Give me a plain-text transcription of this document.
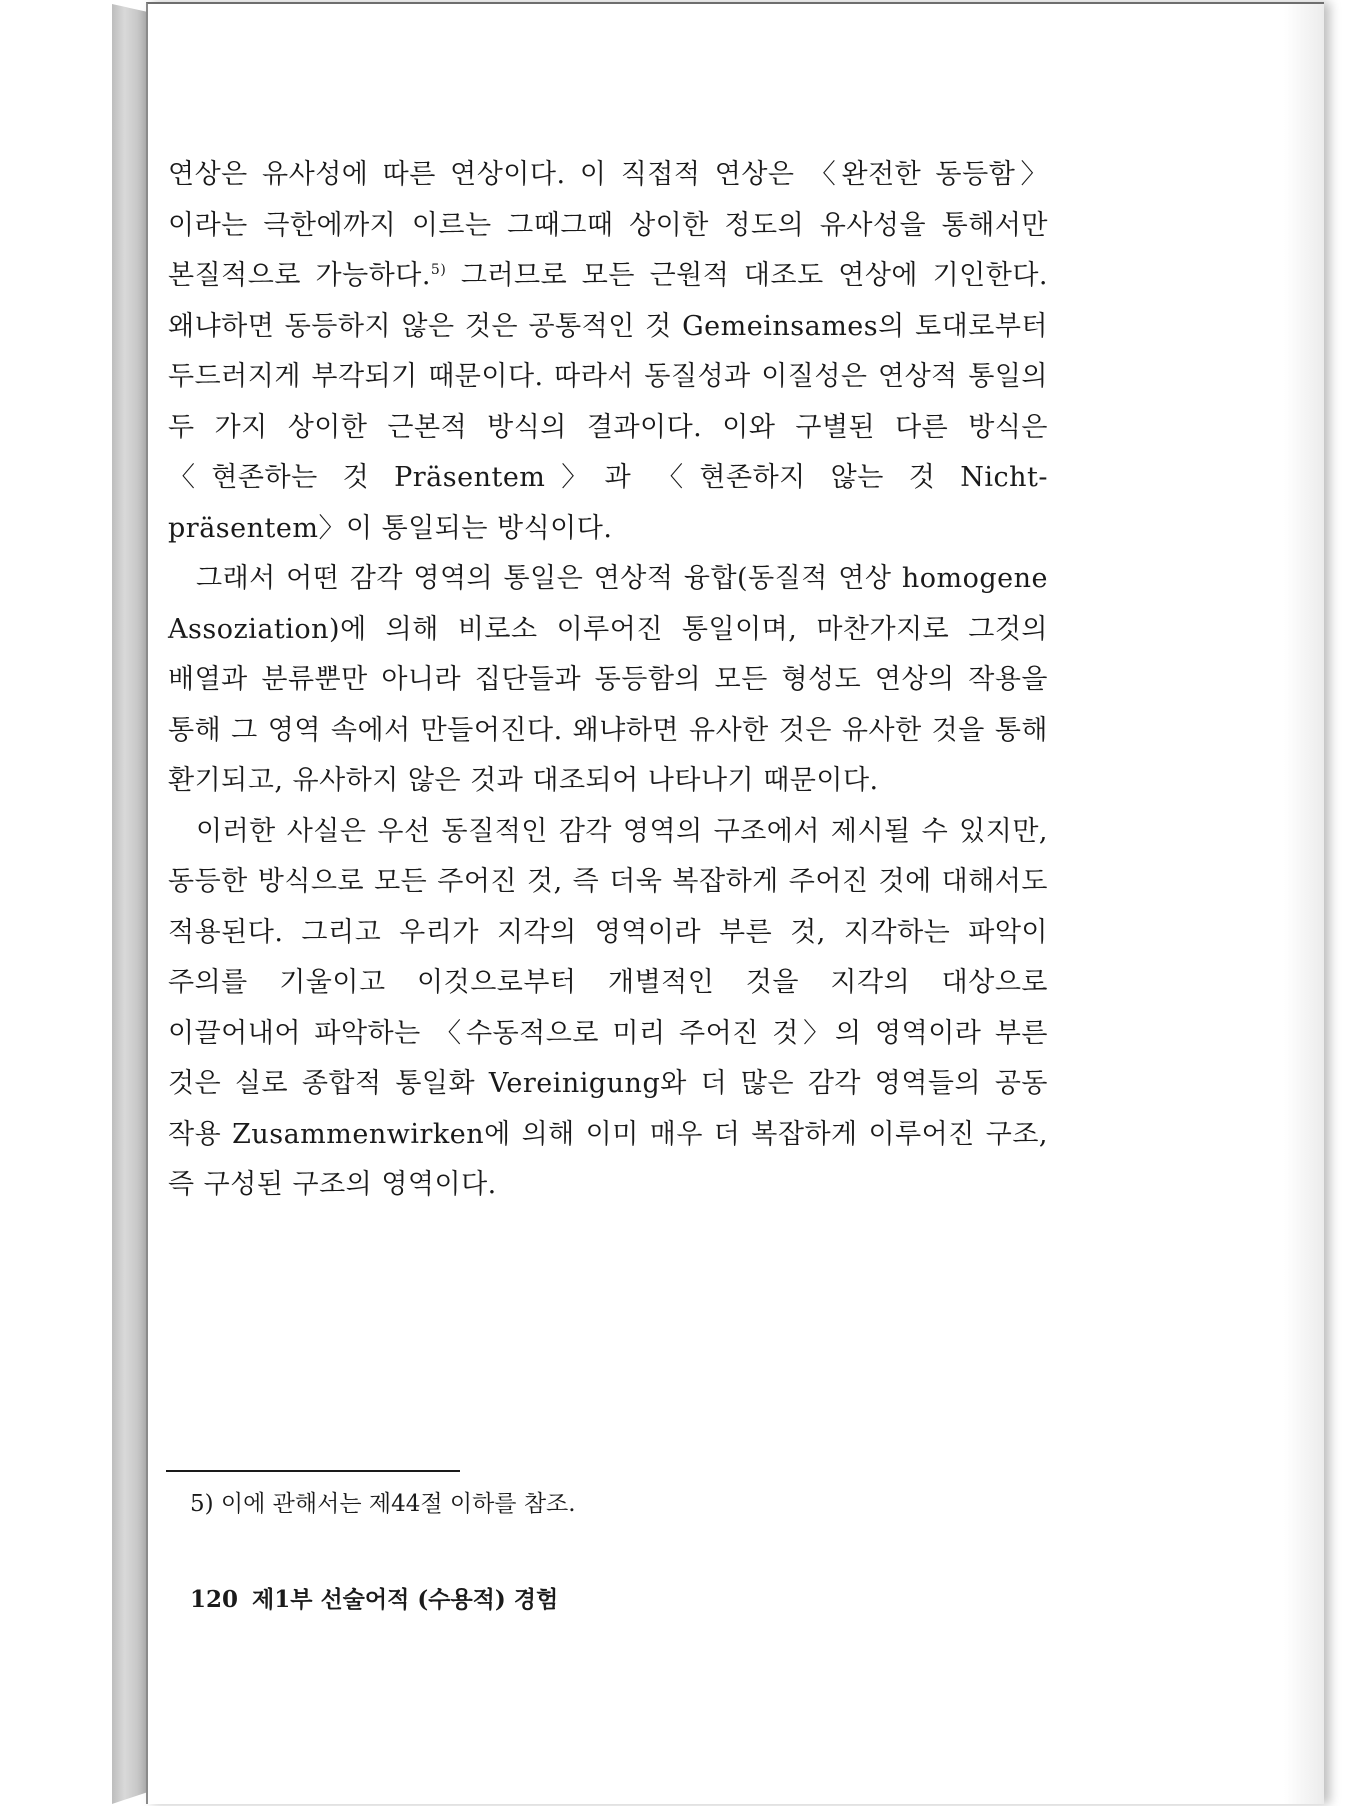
연상은 유사성에 따른 연상이다. 이 직접적 연상은 〈완전한 동등함〉이라는 극한에까지 이르는 그때그때 상이한 정도의 유사성을 통해서만 본질적으로 가능하다.$^{5)}$ 그러므로 모든 근원적 대조도 연상에 기인한다. 왜냐하면 동등하지 않은 것은 공통적인 것 Gemeinsames의 토대로부터 두드러지게 부각되기 때문이다. 따라서 동질성과 이질성은 연상적 통일의 두 가지 상이한 근본적 방식의 결과이다. 이와 구별된 다른 방식은 〈현존하는 것 Präsentem〉과 〈현존하지 않는 것 Nicht-präsentem〉이 통일되는 방식이다.

그래서 어떤 감각 영역의 통일은 연상적 융합(동질적 연상 homogene Assoziation)에 의해 비로소 이루어진 통일이며, 마찬가지로 그것의 배열과 분류뿐만 아니라 집단들과 동등함의 모든 형성도 연상의 작용을 통해 그 영역 속에서 만들어진다. 왜냐하면 유사한 것은 유사한 것을 통해 환기되고, 유사하지 않은 것과 대조되어 나타나기 때문이다.

이러한 사실은 우선 동질적인 감각 영역의 구조에서 제시될 수 있지만, 동등한 방식으로 모든 주어진 것, 즉 더욱 복잡하게 주어진 것에 대해서도 적용된다. 그리고 우리가 지각의 영역이라 부른 것, 지각하는 파악이 주의를 기울이고 이것으로부터 개별적인 것을 지각의 대상으로 이끌어내어 파악하는 〈수동적으로 미리 주어진 것〉의 영역이라 부른 것은 실로 종합적 통일화 Vereinigung와 더 많은 감각 영역들의 공동 작용 Zusammenwirken에 의해 이미 매우 더 복잡하게 이루어진 구조, 즉 구성된 구조의 영역이다.

5) 이에 관해서는 제44절 이하를 참조.
120 제1부 선술어적 (수용적) 경험
